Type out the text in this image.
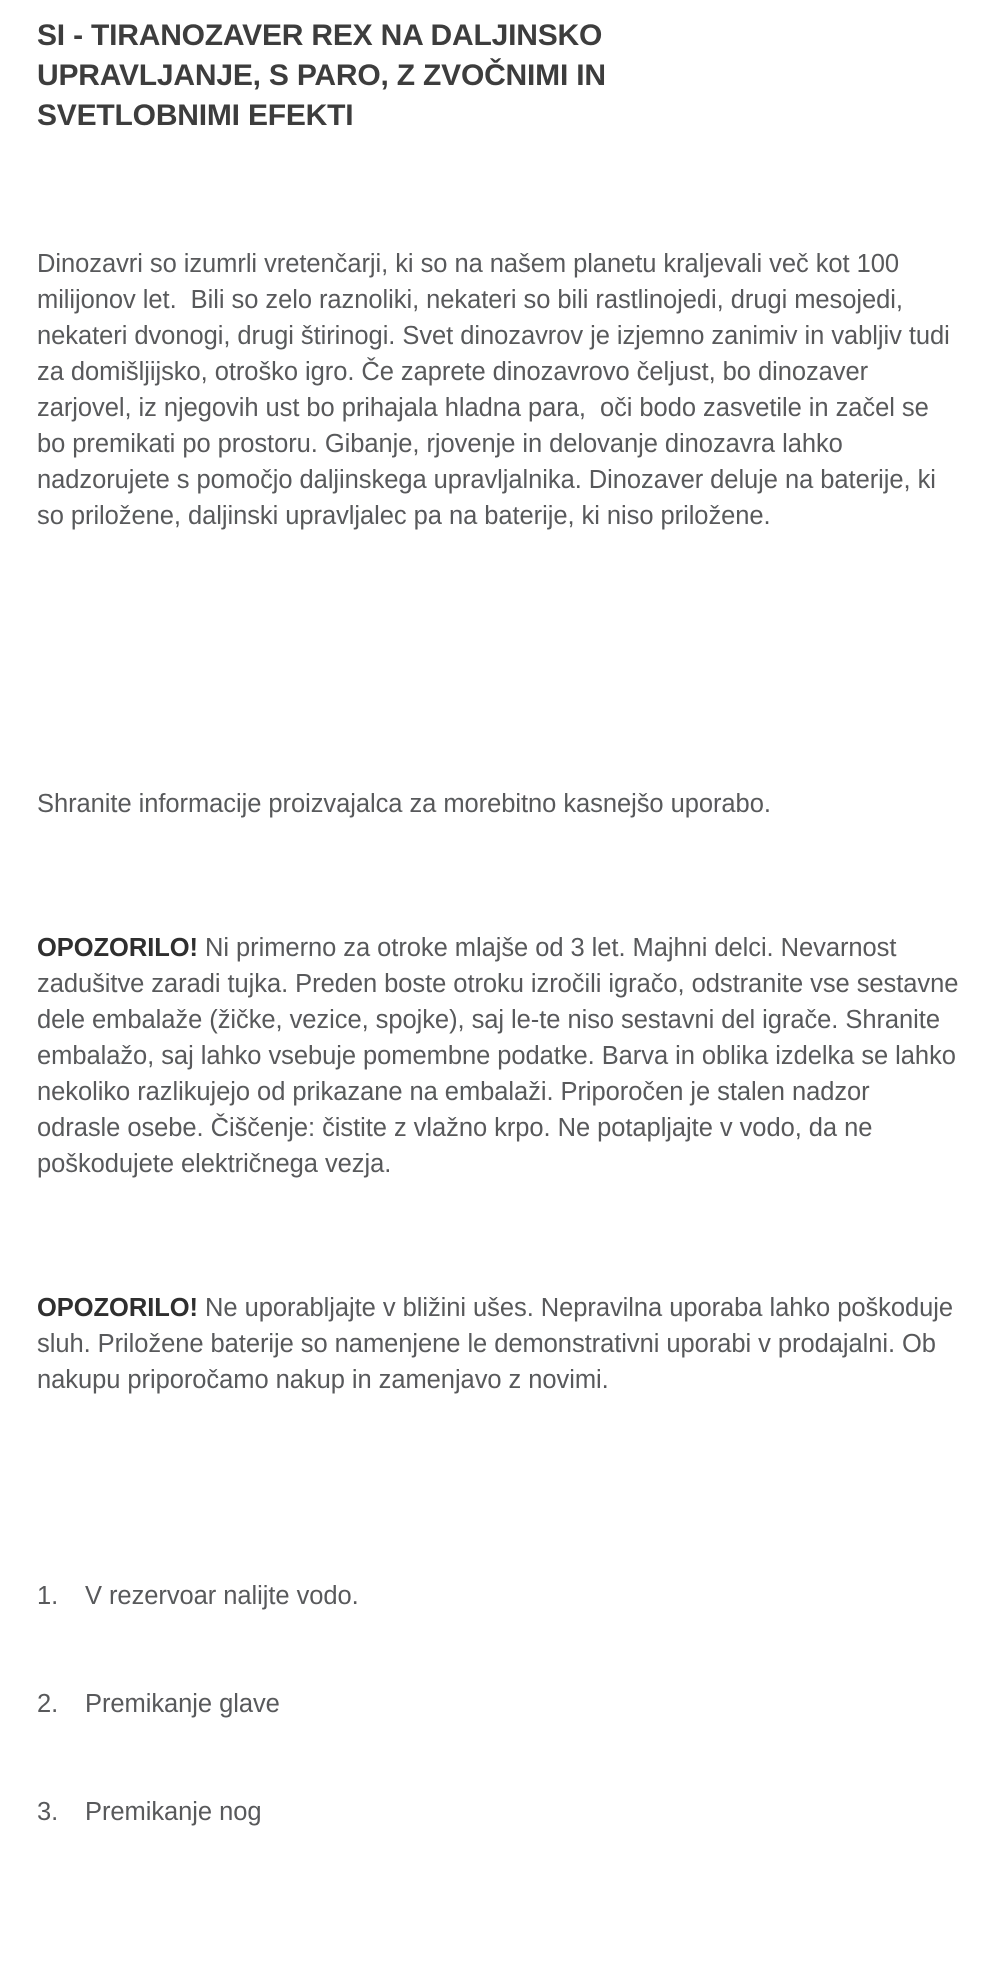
SI - TIRANOZAVER REX NA DALJINSKO UPRAVLJANJE, S PARO, Z ZVOČNIMI IN SVETLOBNIMI EFEKTI

Dinozavri so izumrli vretenčarji, ki so na našem planetu kraljevali več kot 100 milijonov let.  Bili so zelo raznoliki, nekateri so bili rastlinojedi, drugi mesojedi, nekateri dvonogi, drugi štirinogi. Svet dinozavrov je izjemno zanimiv in vabljiv tudi za domišljijsko, otroško igro. Če zaprete dinozavrovo čeljust, bo dinozaver zarjovel, iz njegovih ust bo prihajala hladna para,  oči bodo zasvetile in začel se bo premikati po prostoru. Gibanje, rjovenje in delovanje dinozavra lahko nadzorujete s pomočjo daljinskega upravljalnika. Dinozaver deluje na baterije, ki so priložene, daljinski upravljalec pa na baterije, ki niso priložene.

Shranite informacije proizvajalca za morebitno kasnejšo uporabo.

OPOZORILO! Ni primerno za otroke mlajše od 3 let. Majhni delci. Nevarnost zadušitve zaradi tujka. Preden boste otroku izročili igračo, odstranite vse sestavne dele embalaže (žičke, vezice, spojke), saj le-te niso sestavni del igrače. Shranite embalažo, saj lahko vsebuje pomembne podatke. Barva in oblika izdelka se lahko nekoliko razlikujejo od prikazane na embalaži. Priporočen je stalen nadzor odrasle osebe. Čiščenje: čistite z vlažno krpo. Ne potapljajte v vodo, da ne poškodujete električnega vezja.

OPOZORILO! Ne uporabljajte v bližini ušes. Nepravilna uporaba lahko poškoduje sluh. Priložene baterije so namenjene le demonstrativni uporabi v prodajalni. Ob nakupu priporočamo nakup in zamenjavo z novimi.

1.	V rezervoar nalijte vodo.

2.	Premikanje glave

3.	Premikanje nog
